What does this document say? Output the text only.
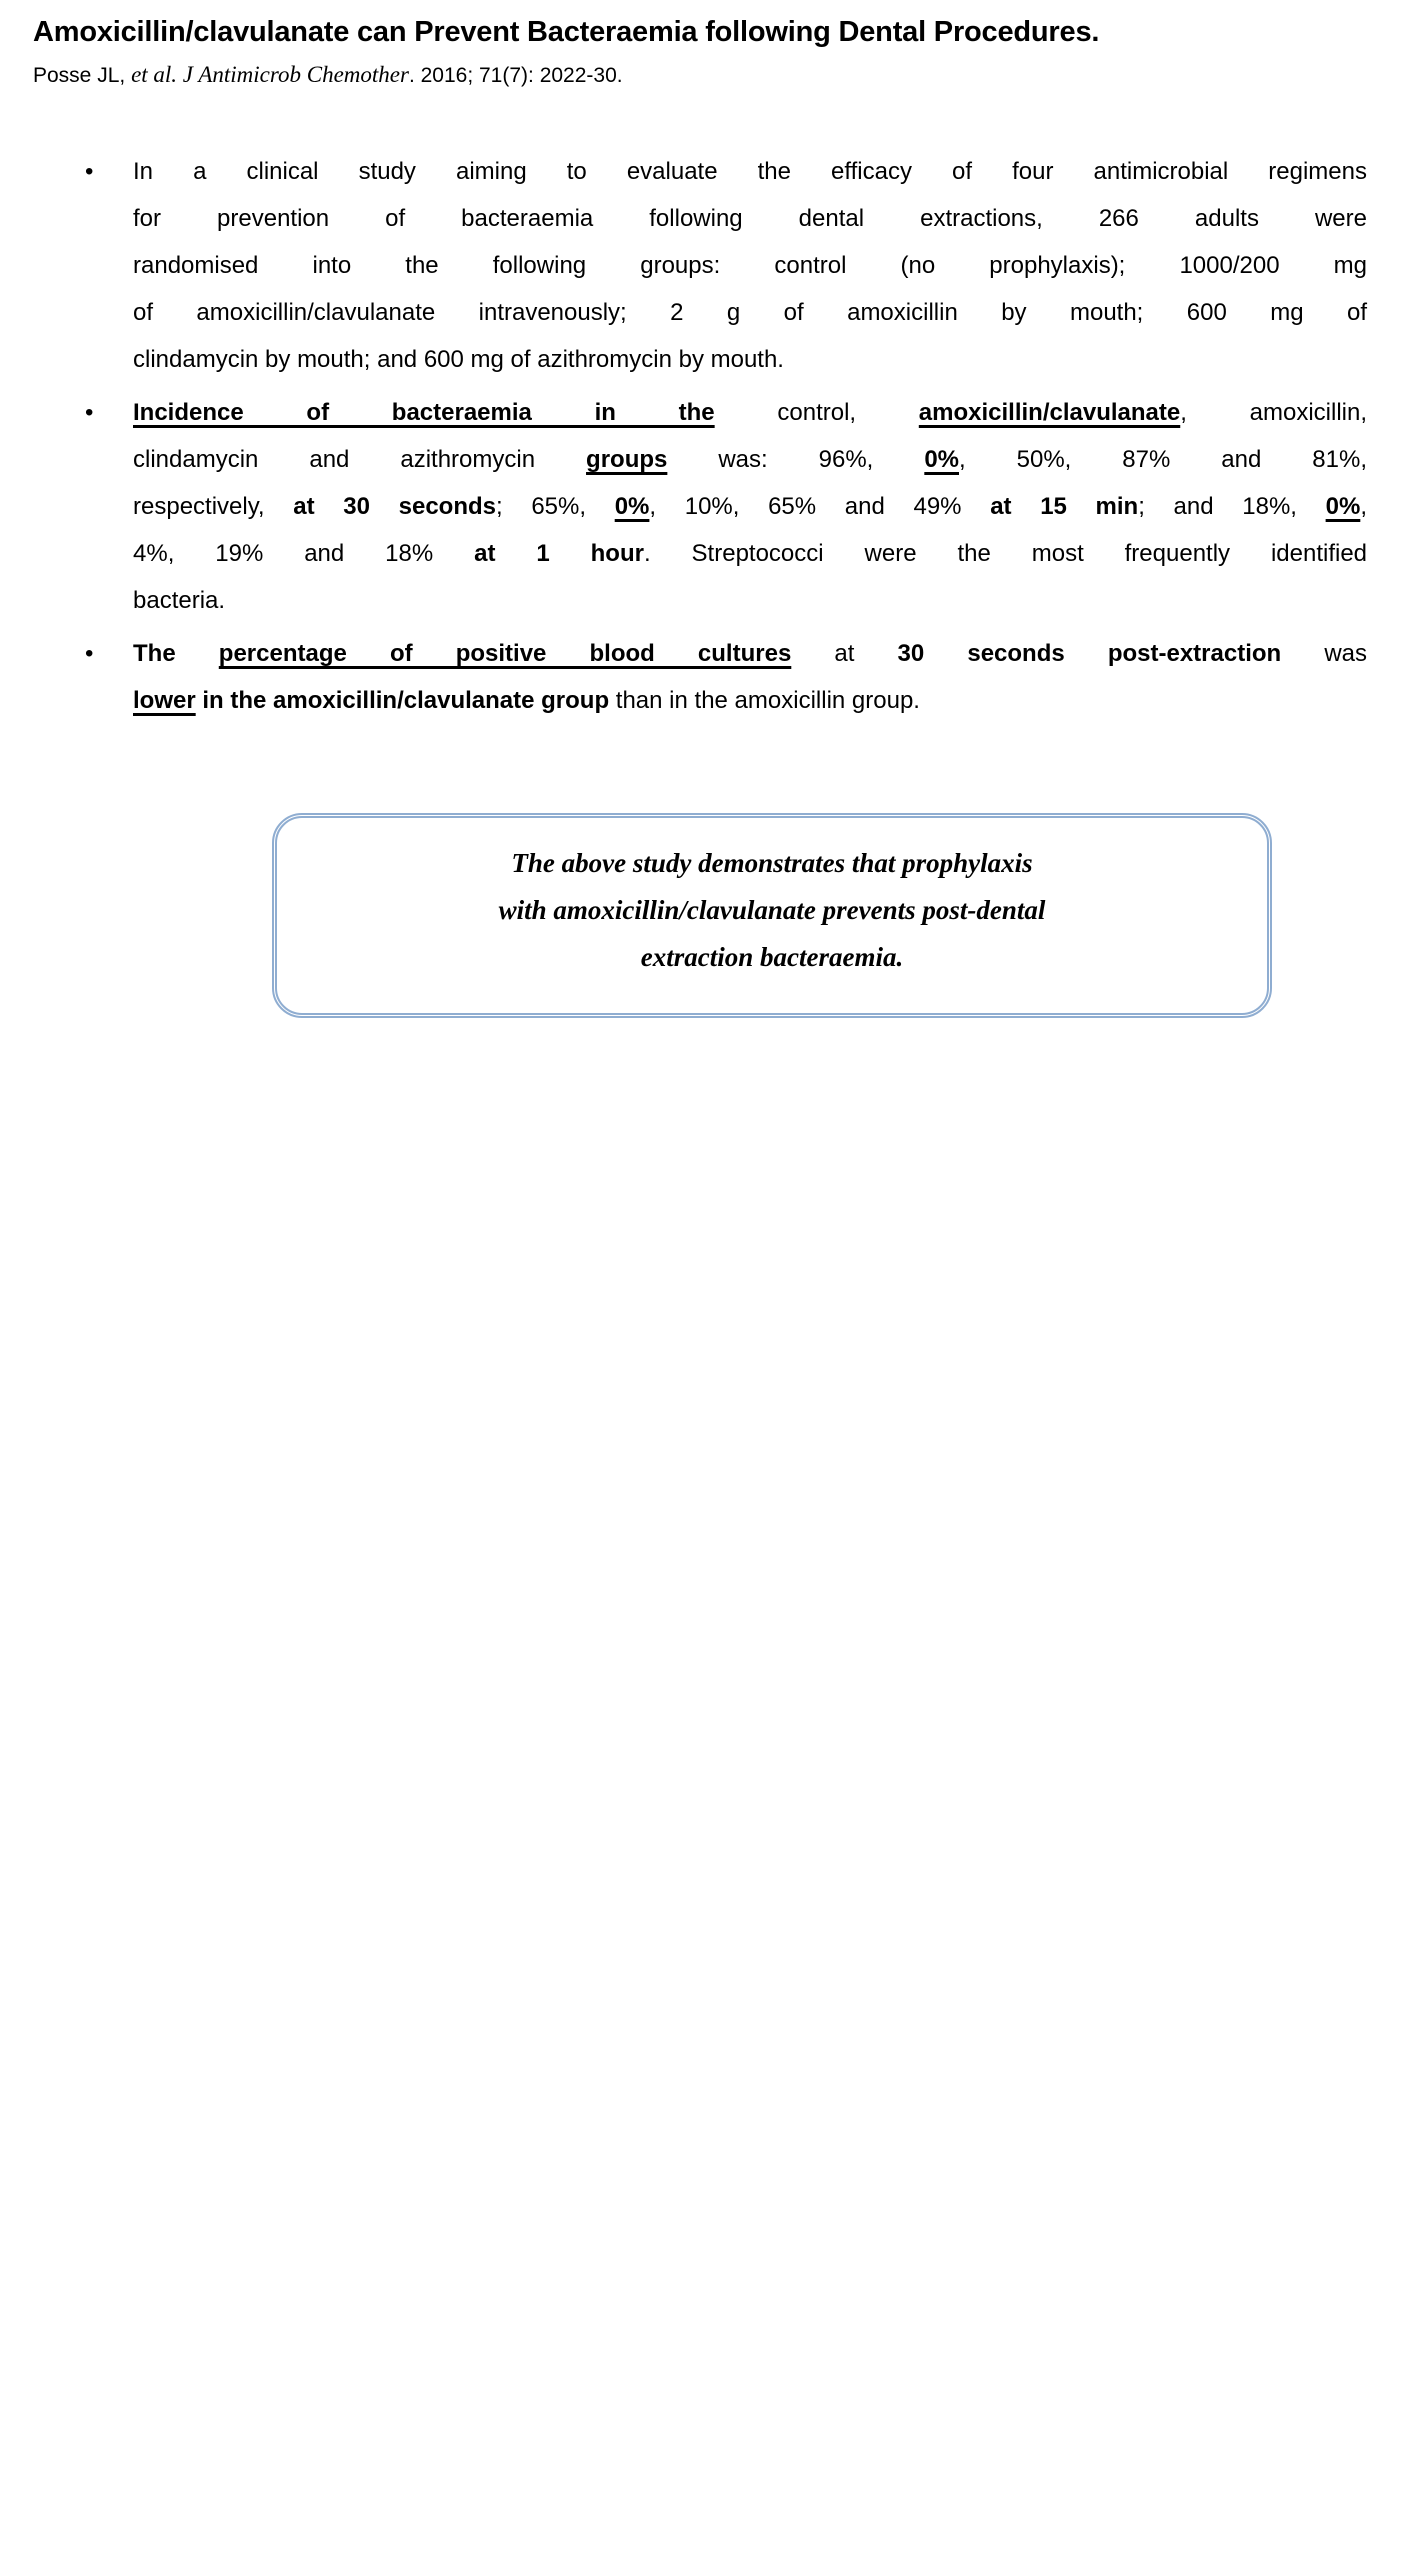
Amoxicillin/clavulanate can Prevent Bacteraemia following Dental Procedures.
Posse JL, et al. J Antimicrob Chemother. 2016; 71(7): 2022-30.
• In a clinical study aiming to evaluate the efficacy of four antimicrobial regimens
for prevention of bacteraemia following dental extractions, 266 adults were
randomised into the following groups: control (no prophylaxis); 1000/200 mg
of amoxicillin/clavulanate intravenously; 2 g of amoxicillin by mouth; 600 mg of
clindamycin by mouth; and 600 mg of azithromycin by mouth.
• Incidence of bacteraemia in the control, amoxicillin/clavulanate, amoxicillin,
clindamycin and azithromycin groups was: 96%, 0%, 50%, 87% and 81%,
respectively, at 30 seconds; 65%, 0%, 10%, 65% and 49% at 15 min; and 18%, 0%,
4%, 19% and 18% at 1 hour. Streptococci were the most frequently identified
bacteria.
• The percentage of positive blood cultures at 30 seconds post-extraction was
lower in the amoxicillin/clavulanate group than in the amoxicillin group.
The above study demonstrates that prophylaxis
with amoxicillin/clavulanate prevents post-dental
extraction bacteraemia.
